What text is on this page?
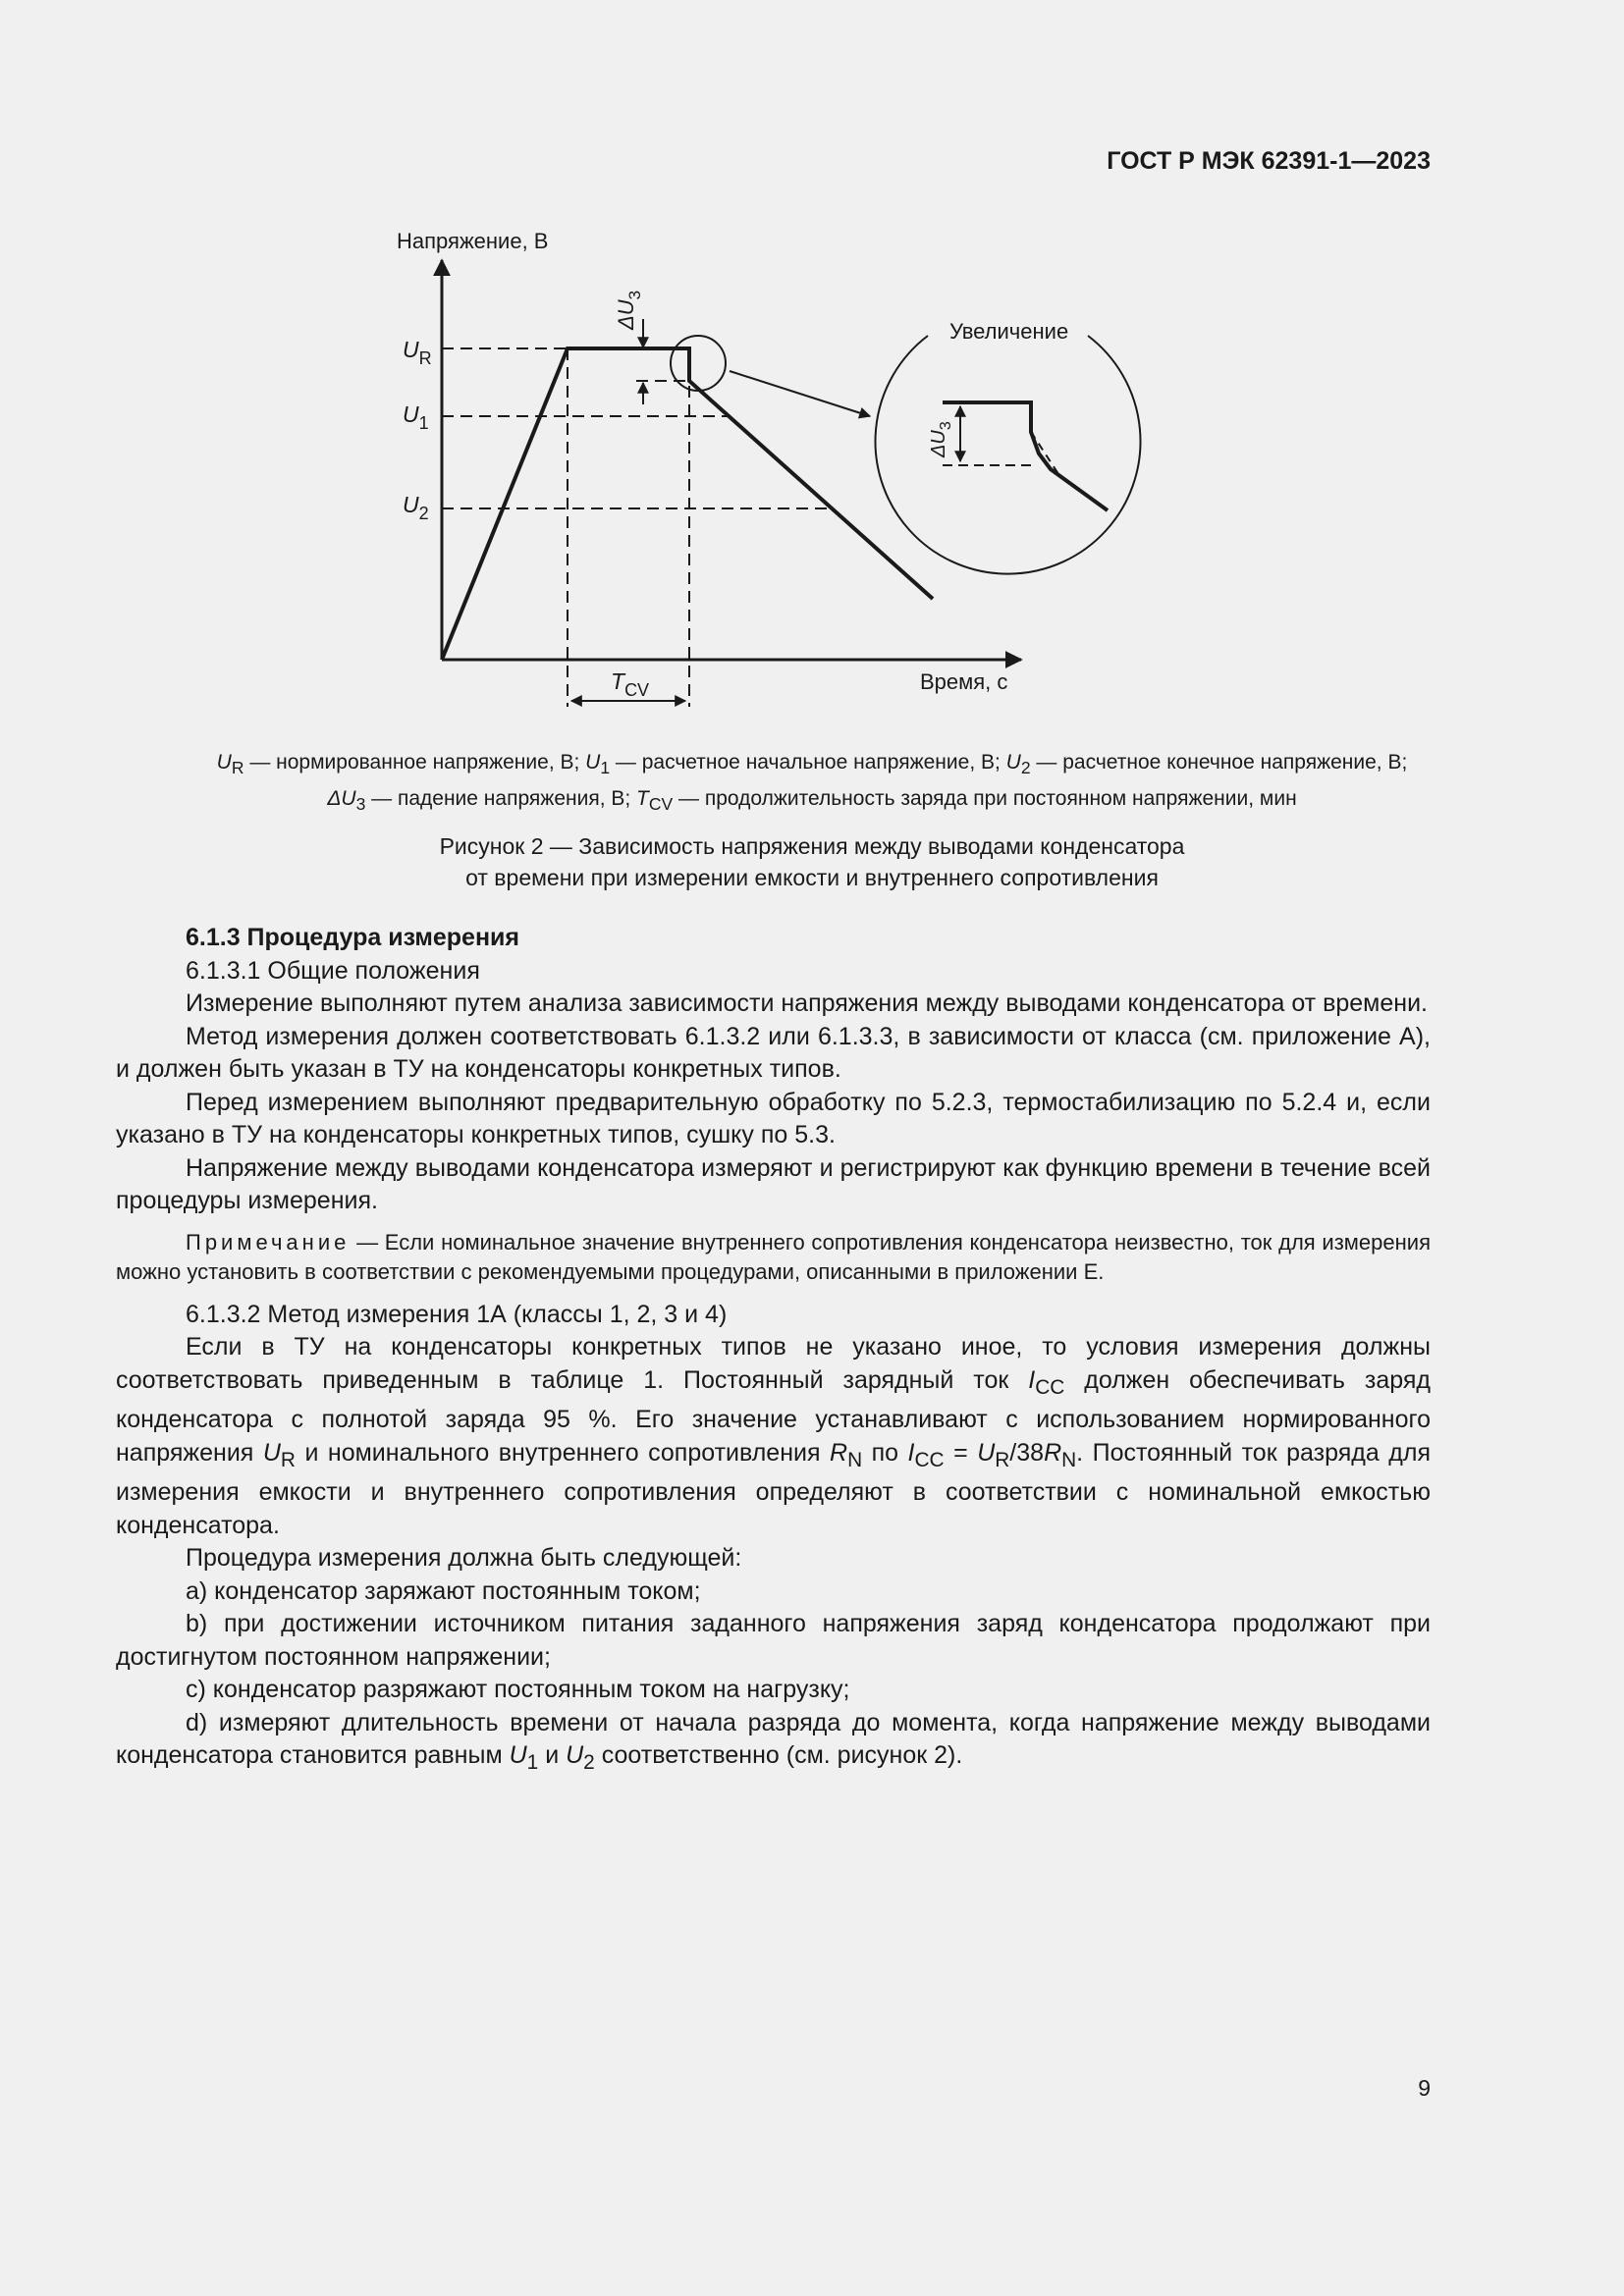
ГОСТ Р МЭК 62391-1—2023
Напряжение, В
Время, с
$U_R$
$U_1$
$U_2$
$T_{CV}$
$\Delta U_3$
Увеличение
$\Delta U_3$
$U_R$ — нормированное напряжение, В; $U_1$ — расчетное начальное напряжение, В; $U_2$ — расчетное конечное напряжение, В;
$\Delta U_3$ — падение напряжения, В; $T_{CV}$ — продолжительность заряда при постоянном напряжении, мин
Рисунок 2 — Зависимость напряжения между выводами конденсатора
от времени при измерении емкости и внутреннего сопротивления

6.1.3 Процедура измерения

6.1.3.1 Общие положения

Измерение выполняют путем анализа зависимости напряжения между выводами конденсатора от времени.

Метод измерения должен соответствовать 6.1.3.2 или 6.1.3.3, в зависимости от класса (см. приложение А), и должен быть указан в ТУ на конденсаторы конкретных типов.

Перед измерением выполняют предварительную обработку по 5.2.3, термостабилизацию по 5.2.4 и, если указано в ТУ на конденсаторы конкретных типов, сушку по 5.3.

Напряжение между выводами конденсатора измеряют и регистрируют как функцию времени в течение всей процедуры измерения.

Примечание — Если номинальное значение внутреннего сопротивления конденсатора неизвестно, ток для измерения можно установить в соответствии с рекомендуемыми процедурами, описанными в приложении Е.

6.1.3.2 Метод измерения 1А (классы 1, 2, 3 и 4)

Если в ТУ на конденсаторы конкретных типов не указано иное, то условия измерения должны соответствовать приведенным в таблице 1. Постоянный зарядный ток $I_{CC}$ должен обеспечивать заряд конденсатора с полнотой заряда 95 %. Его значение устанавливают с использованием нормированного напряжения $U_R$ и номинального внутреннего сопротивления $R_N$ по $I_{CC} = U_R/38R_N$. Постоянный ток разряда для измерения емкости и внутреннего сопротивления определяют в соответствии с номинальной емкостью конденсатора.

Процедура измерения должна быть следующей:

a) конденсатор заряжают постоянным током;

b) при достижении источником питания заданного напряжения заряд конденсатора продолжают при достигнутом постоянном напряжении;

c) конденсатор разряжают постоянным током на нагрузку;

d) измеряют длительность времени от начала разряда до момента, когда напряжение между выводами конденсатора становится равным $U_1$ и $U_2$ соответственно (см. рисунок 2).

9
